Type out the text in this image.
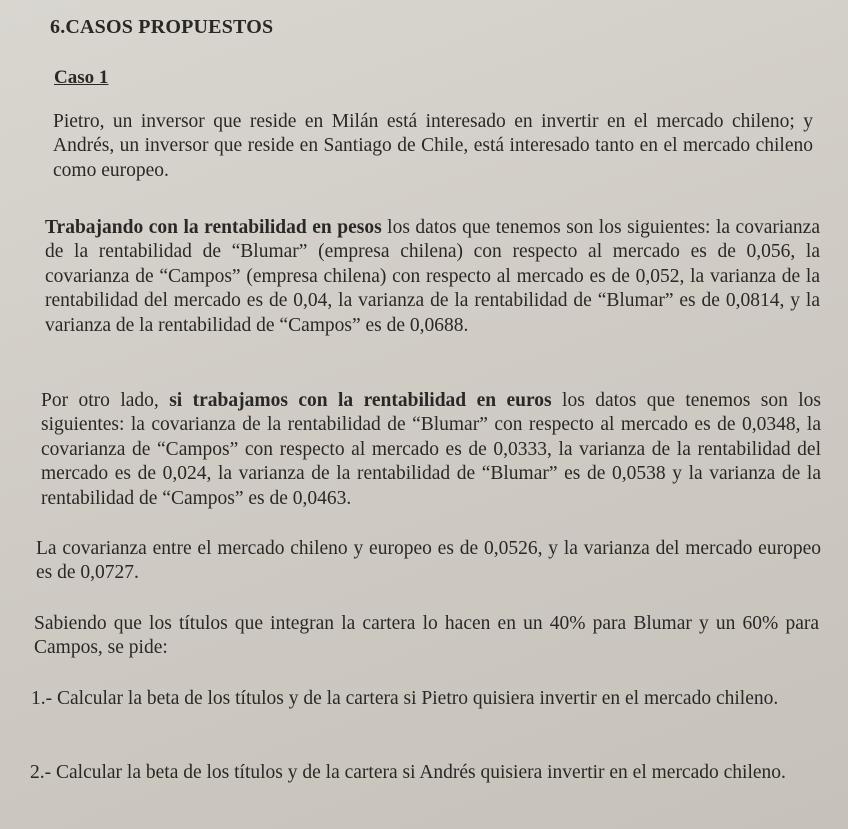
6.CASOS PROPUESTOS
Caso 1

Pietro, un inversor que reside en Milán está interesado en invertir en el mercado chileno; y Andrés, un inversor que reside en Santiago de Chile, está interesado tanto en el mercado chileno como europeo.

Trabajando con la rentabilidad en pesos los datos que tenemos son los siguientes: la covarianza de la rentabilidad de “Blumar” (empresa chilena) con respecto al mercado es de 0,056, la covarianza de “Campos” (empresa chilena) con respecto al mercado es de 0,052, la varianza de la rentabilidad del mercado es de 0,04, la varianza de la rentabilidad de “Blumar” es de 0,0814, y la varianza de la rentabilidad de “Campos” es de 0,0688.

Por otro lado, si trabajamos con la rentabilidad en euros los datos que tenemos son los siguientes: la covarianza de la rentabilidad de “Blumar” con respecto al mercado es de 0,0348, la covarianza de “Campos” con respecto al mercado es de 0,0333, la varianza de la rentabilidad del mercado es de 0,024, la varianza de la rentabilidad de “Blumar” es de 0,0538 y la varianza de la rentabilidad de “Campos” es de 0,0463.

La covarianza entre el mercado chileno y europeo es de 0,0526, y la varianza del mercado europeo es de 0,0727.

Sabiendo que los títulos que integran la cartera lo hacen en un 40% para Blumar y un 60% para Campos, se pide:

1.- Calcular la beta de los títulos y de la cartera si Pietro quisiera invertir en el mercado chileno.

2.- Calcular la beta de los títulos y de la cartera si Andrés quisiera invertir en el mercado chileno.
